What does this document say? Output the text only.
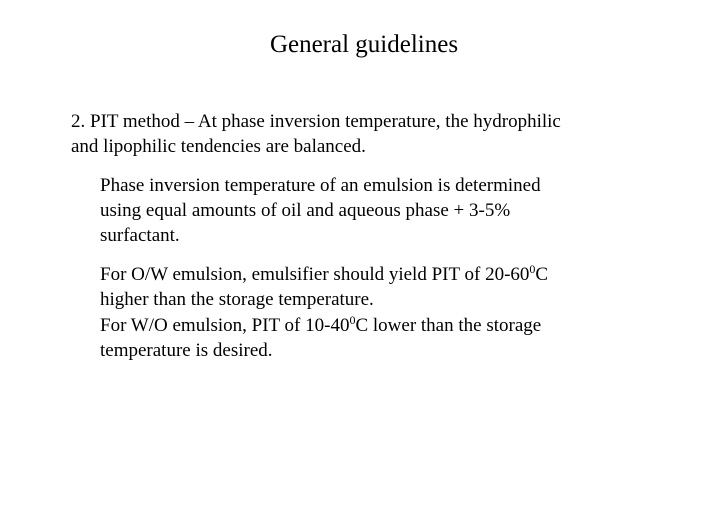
General guidelines

2. PIT method – At phase inversion temperature, the hydrophilic
and lipophilic tendencies are balanced.

Phase inversion temperature of an emulsion is determined
using equal amounts of oil and aqueous phase + 3-5%
surfactant.

For O/W emulsion, emulsifier should yield PIT of $20-60^0C$
higher than the storage temperature.

For W/O emulsion, PIT of $10-40^0C$ lower than the storage
temperature is desired.
